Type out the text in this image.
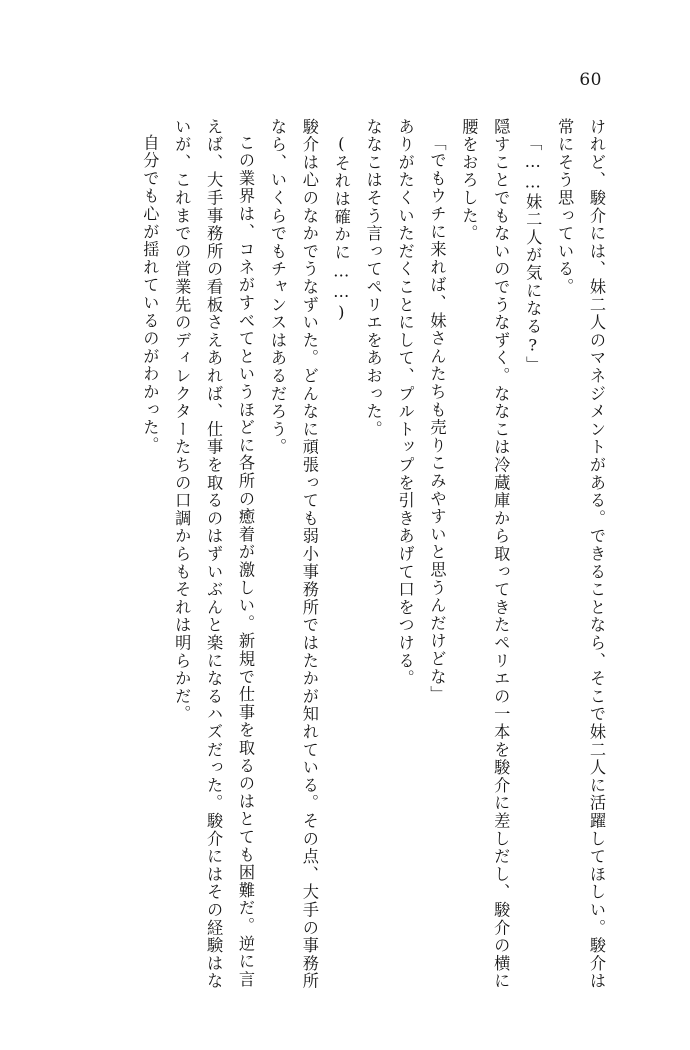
60

けれど、駿介には、妹二人のマネジメントがある。できることなら、そこで妹二人に活躍してほしい。駿介は常にそう思っている。

「……妹二人が気になる?」

隠すことでもないのでうなずく。ななこは冷蔵庫から取ってきたペリエの一本を駿介に差しだし、駿介の横に腰をおろした。

「でもウチに来れば、妹さんたちも売りこみやすいと思うんだけどな」

ありがたくいただくことにして、プルトップを引きあげて口をつける。

ななこはそう言ってペリエをあおった。

(それは確かに……)

駿介は心のなかでうなずいた。どんなに頑張っても弱小事務所ではたかが知れている。その点、大手の事務所なら、いくらでもチャンスはあるだろう。

この業界は、コネがすべてというほどに各所の癒着が激しい。新規で仕事を取るのはとても困難だ。逆に言えば、大手事務所の看板さえあれば、仕事を取るのはずいぶんと楽になるハズだった。駿介にはその経験はないが、これまでの営業先のディレクターたちの口調からもそれは明らかだ。

自分でも心が揺れているのがわかった。
